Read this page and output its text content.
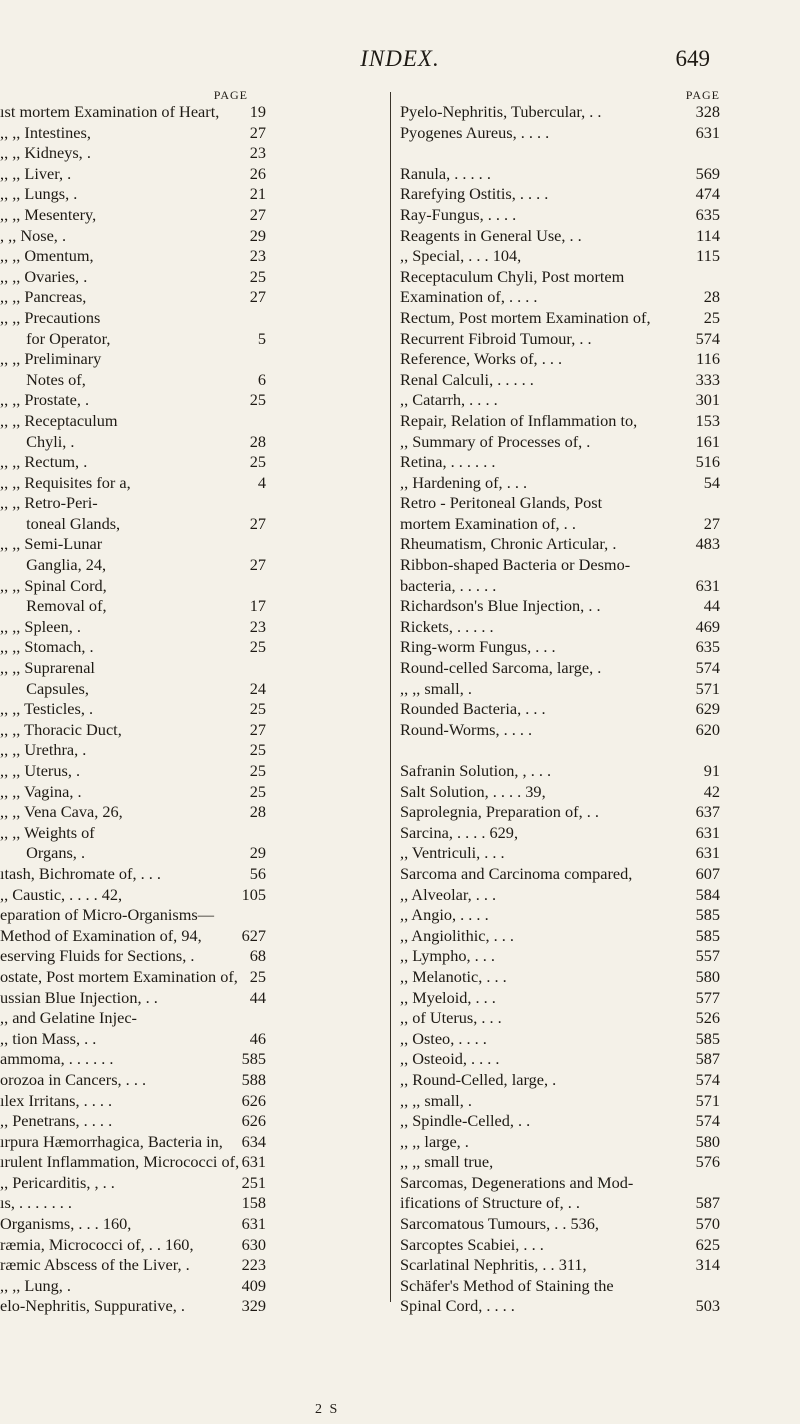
INDEX.	649
PAGE
ıst mortem Examination of Heart, 19
,, ,, Intestines,	27
,, ,, Kidneys, .	23
,, ,, Liver, .	26
,, ,, Lungs, .	21
,, ,, Mesentery,	27
, ,, Nose, .	29
,, ,, Omentum,	23
,, ,, Ovaries, .	25
,, ,, Pancreas,	27
,, ,, Precautions
for Operator,	5
,, ,, Preliminary
Notes of,	6
,, ,, Prostate, .	25
,, ,, Receptaculum
Chyli, .	28
,, ,, Rectum, .	25
,, ,, Requisites for a,	4
,, ,, Retro-Peri-
toneal Glands,	27
,, ,, Semi-Lunar
Ganglia, 24,	27
,, ,, Spinal Cord,
Removal of,	17
,, ,, Spleen, .	23
,, ,, Stomach, .	25
,, ,, Suprarenal
Capsules,	24
,, ,, Testicles, .	25
,, ,, Thoracic Duct,	27
,, ,, Urethra, .	25
,, ,, Uterus, .	25
,, ,, Vagina, .	25
,, ,, Vena Cava, 26,	28
,, ,, Weights of
Organs, .	29
ıtash, Bichromate of, . . .	56
,, Caustic, . . . . 42,	105
eparation of Micro-Organisms—
Method of Examination of, 94, 627
eserving Fluids for Sections, .	68
ostate, Post mortem Examination of, 25
ussian Blue Injection, . .	44
,, and Gelatine Injec-
,, tion Mass, . .	46
ammoma, . . . . . .	585
orozoa in Cancers, . . .	588
ılex Irritans, . . . .	626
,, Penetrans, . . . .	626
ırpura Hæmorrhagica, Bacteria in, 634
ırulent Inflammation, Micrococci of, 631
,, Pericarditis, , . .	251
ıs, . . . . . . .	158
Organisms, . . . 160,	631
ræmia, Micrococci of, . . 160,	630
ræmic Abscess of the Liver, .	223
,, ,, Lung, .	409
elo-Nephritis, Suppurative, .	329
PAGE
Pyelo-Nephritis, Tubercular, . .	328
Pyogenes Aureus, . . . .	631
Ranula, . . . . .	569
Rarefying Ostitis, . . . .	474
Ray-Fungus, . . . .	635
Reagents in General Use, . .	114
,, Special, . . . 104,	115
Receptaculum Chyli, Post mortem
Examination of, . . . .	28
Rectum, Post mortem Examination of,	25
Recurrent Fibroid Tumour, . .	574
Reference, Works of, . . .	116
Renal Calculi, . . . . .	333
,, Catarrh, . . . .	301
Repair, Relation of Inflammation to,	153
,, Summary of Processes of, .	161
Retina, . . . . . .	516
,, Hardening of, . . .	54
Retro - Peritoneal Glands, Post
mortem Examination of, . .	27
Rheumatism, Chronic Articular, .	483
Ribbon-shaped Bacteria or Desmo-
bacteria, . . . . .	631
Richardson's Blue Injection, . .	44
Rickets, . . . . .	469
Ring-worm Fungus, . . .	635
Round-celled Sarcoma, large, .	574
,, ,, small, .	571
Rounded Bacteria, . . .	629
Round-Worms, . . . .	620
Safranin Solution, , . . .	91
Salt Solution, . . . . 39,	42
Saprolegnia, Preparation of, . .	637
Sarcina, . . . . 629,	631
,, Ventriculi, . . .	631
Sarcoma and Carcinoma compared,	607
,, Alveolar, . . .	584
,, Angio, . . . .	585
,, Angiolithic, . . .	585
,, Lympho, . . .	557
,, Melanotic, . . .	580
,, Myeloid, . . .	577
,, of Uterus, . . .	526
,, Osteo, . . . .	585
,, Osteoid, . . . .	587
,, Round-Celled, large, .	574
,, ,, small, .	571
,, Spindle-Celled, . .	574
,, ,, large, .	580
,, ,, small true,	576
Sarcomas, Degenerations and Mod-
ifications of Structure of, . .	587
Sarcomatous Tumours, . . 536,	570
Sarcoptes Scabiei, . . .	625
Scarlatinal Nephritis, . . 311,	314
Schäfer's Method of Staining the
Spinal Cord, . . . .	503
2 S
